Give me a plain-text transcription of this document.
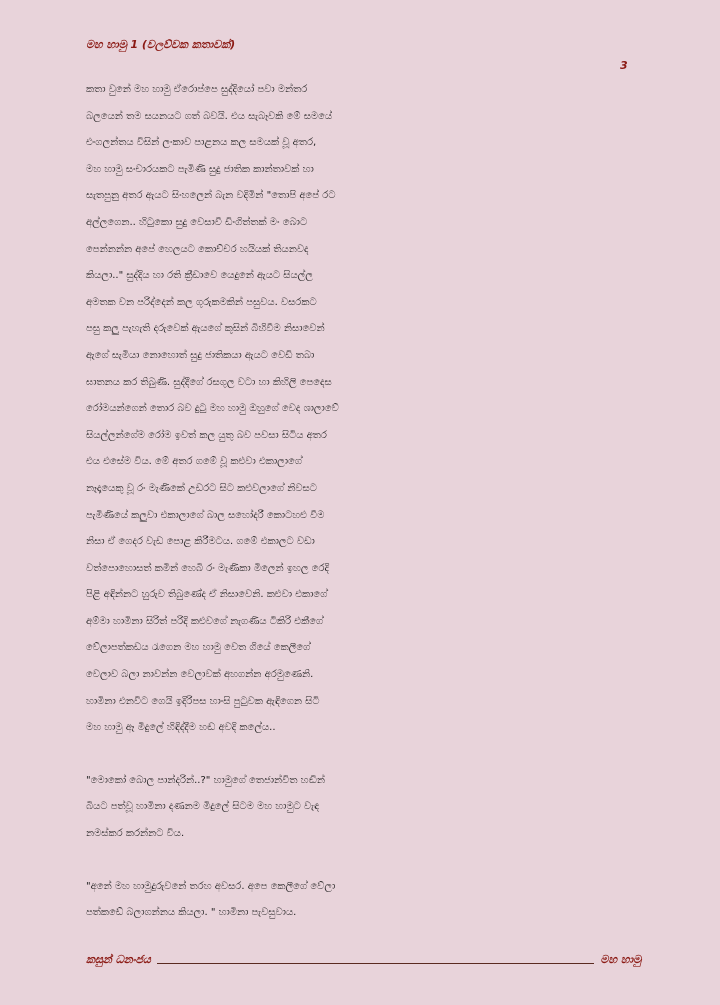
මහ හාමු 1 (වලව්වක කතාවක්)
3
කතා වුනේ මහ හාමු ඒරොප්පෙ සුද්දියෝ පවා මන්තර
බලයෙන් තම සයනයට ගත් බවයි. එය සැබෑවකි මේ සමයේ
එංගලන්තය විසින් ලංකාව පාළනය කල සමයක් වූ අතර,
මහ හාමු සංචාරයකට පැමිණි සුදු ජාතික කාන්තාවක් හා
සැතපුනු අතර ඇයට සිංහලෙන් බැන වදිමින් "තොපි අපේ රට
අල්ලගෙන.. හිටුකො සුදු වෙසාවී ඩිංගිත්තක් මං බොට
පෙන්නන්න අපේ හෙලයට කොච්චර හයියක් තියනවද
කියලා.." සුද්දිය හා රති ක්‍රීඩාවෙ යෙදුනේ ඇයට සියල්ල
අමතක වන පරිද්දෙන් කල ගුරුකමකින් පසුවය. වසරකට
පසු කලු පැහැති දරුවෙක් ඇයගේ කුසින් බිහිවීම නිසාවෙන්
ඇගේ සැමියා නොහොත් සුදු ජාතිකයා ඇයට වෙඩි තබා
ඝාතනය කර තිබුණි. සුද්දීගේ රසගුල වටා හා කිහිලි පෙදෙස
රෝමයන්ගෙන් තොර බව දුටු මහ හාමු ඔහුගේ වෙද ශාලාවේ
සියල්ලන්ගේම රෝම ඉවත් කල යුතු බව පවසා සිටිය අතර
එය එසේම විය. මේ අතර ගමේ වූ කළුවා එකාලාගේ
නෑදෑයෙකු වූ රං මැණිකේ උඩරට සිට කළුවලාගේ නිවසට
පැමිණියේ කලුවා එකාලාගේ බාල සහෝදරී කොටහළු වීම
නිසා ඒ ගෙදර වැඩ පොළ කිරීමටය. ගමේ එකාලට වඩා
වත්පොහොසත් කමින් හෙබි රං මැණිකා මිලෙන් ඉහල රෙදි
පිළි අඳින්නට හුරුව තිබුණේද ඒ නිසාවෙනි. කළුවා එකාගේ
අම්මා හාමිනා සිරිත් පරිදි කළුවගේ නැගණිය ටිකිරි එකීගේ
වේලාපත්කඩය රැගෙන මහ හාමු වෙත ගියේ කෙලීගේ
වෙලාව බලා නාවන්න වෙලාවක් අහගන්න අරමුණෙනි.
හාමිනා එනවිට ගෙයි ඉදිරිපස හාංසි පුටුවක ඇඳිගෙන සිටි
මහ හාමු ඈ මිදුලේ හිඳිද්දීම හඬ අවදි කලේය..
"මොකෝ බොල පාන්දරින්..?" හාමුගේ තෙජාන්විත හඬින්
බියට පත්වූ හාමිනා දණනම මිදුලේ සිටම මහ හාමුට වැඳ
නමස්කර කරන්නට විය.
"අනේ මහ හාමුදුරුවනේ තරහ අවසර. අපෙ කෙලීගේ වේලා
පත්කඩේ බලාගන්නය කියලා. " හාමිනා පැවසුවාය.
කසුන් ධනංජය	මහ හාමු
